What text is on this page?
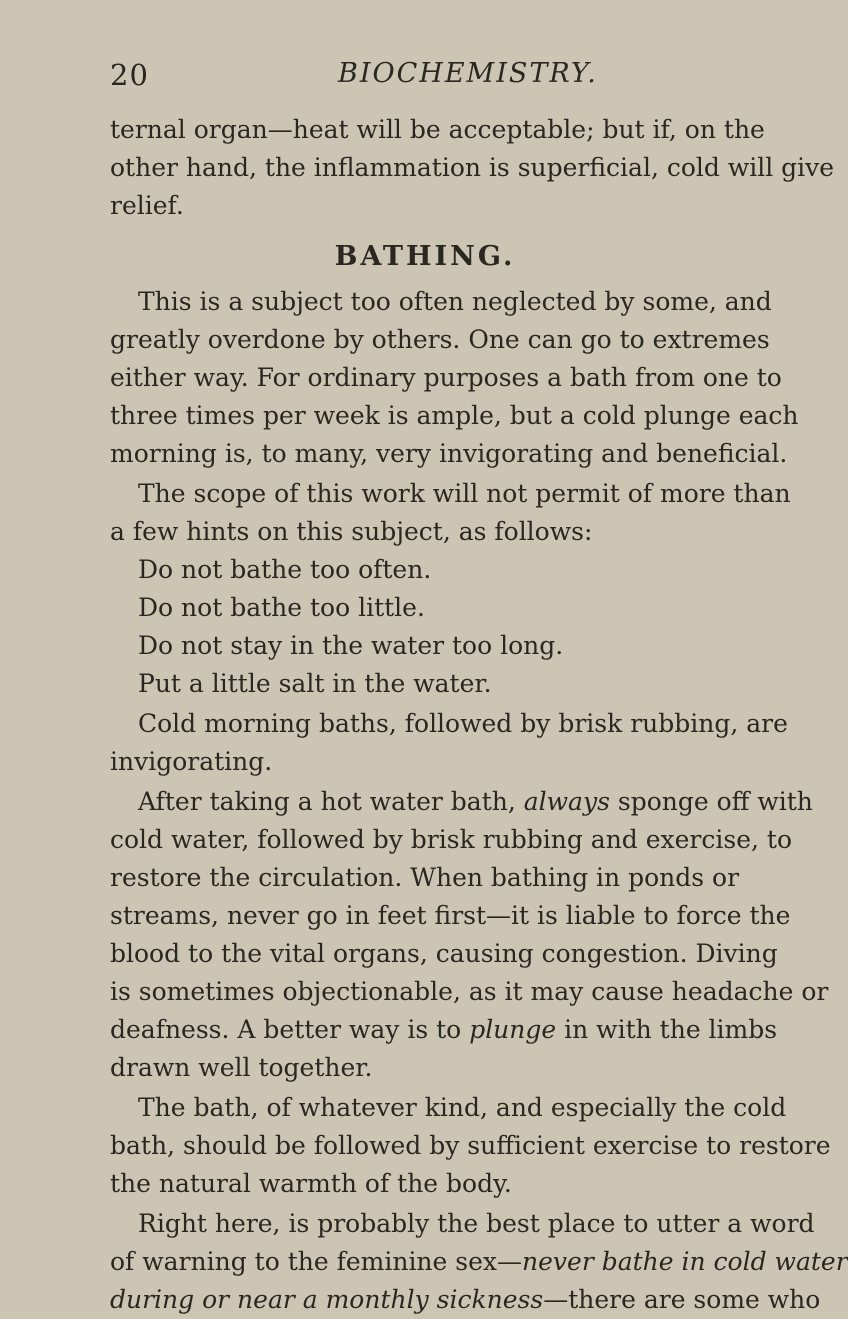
20	BIOCHEMISTRY.
ternal organ—heat will be acceptable; but if, on the
other hand, the inflammation is superficial, cold will give
relief.
BATHING.
This is a subject too often neglected by some, and
greatly overdone by others. One can go to extremes
either way. For ordinary purposes a bath from one to
three times per week is ample, but a cold plunge each
morning is, to many, very invigorating and beneficial.
The scope of this work will not permit of more than
a few hints on this subject, as follows:
Do not bathe too often.
Do not bathe too little.
Do not stay in the water too long.
Put a little salt in the water.
Cold morning baths, followed by brisk rubbing, are
invigorating.
After taking a hot water bath, always sponge off with
cold water, followed by brisk rubbing and exercise, to
restore the circulation. When bathing in ponds or
streams, never go in feet first—it is liable to force the
blood to the vital organs, causing congestion. Diving
is sometimes objectionable, as it may cause headache or
deafness. A better way is to plunge in with the limbs
drawn well together.
The bath, of whatever kind, and especially the cold
bath, should be followed by sufficient exercise to restore
the natural warmth of the body.
Right here, is probably the best place to utter a word
of warning to the feminine sex—never bathe in cold water
during or near a monthly sickness—there are some who
